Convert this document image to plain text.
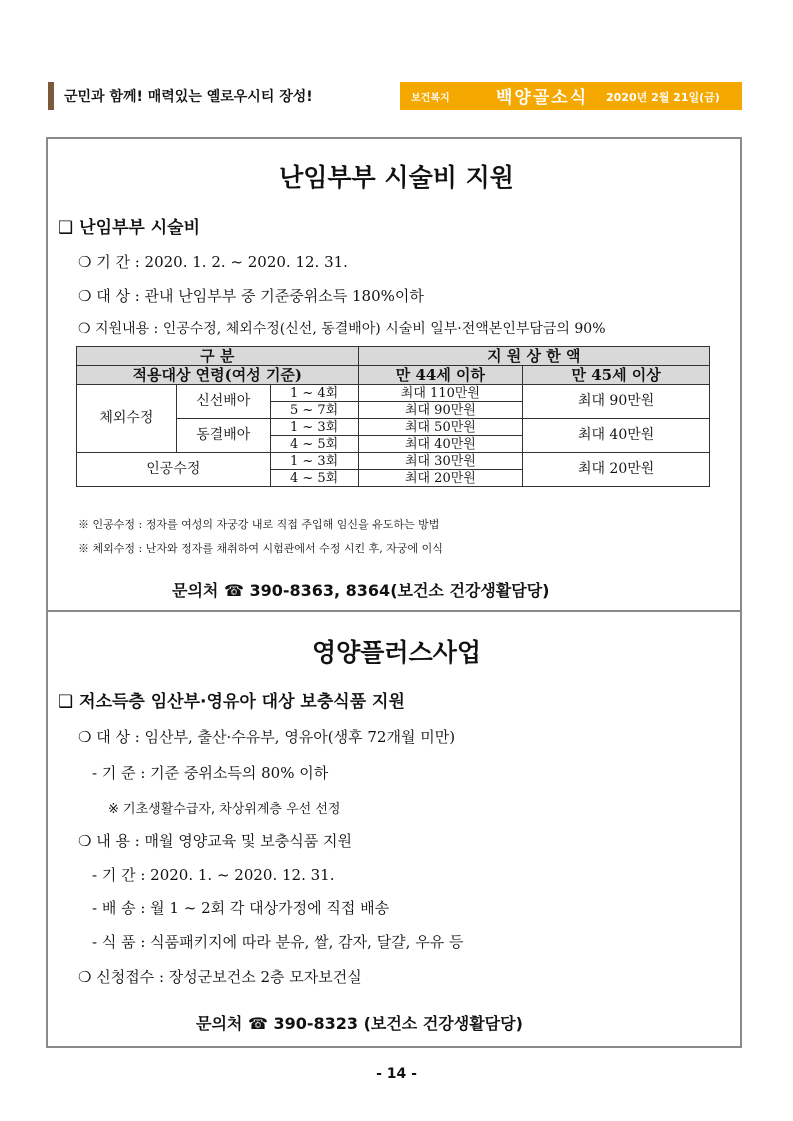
군민과 함께! 매력있는 옐로우시티 장성!	보건복지	백양골소식 2020년 2월 21일(금)
난임부부 시술비 지원
❑ 난임부부 시술비
❍ 기 간 : 2020. 1. 2. ~ 2020. 12. 31.
❍ 대 상 : 관내 난임부부 중 기준중위소득 180%이하
❍ 지원내용 : 인공수정, 체외수정(신선, 동결배아) 시술비 일부·전액본인부담금의 90%
구 분			지 원 상 한 액	
적용대상 연령(여성 기준)			만 44세 이하	만 45세 이상
체외수정	신선배아	1 ~ 4회	최대 110만원	최대 90만원
		5 ~ 7회	최대 90만원	
	동결배아	1 ~ 3회	최대 50만원	최대 40만원
		4 ~ 5회	최대 40만원	
인공수정		1 ~ 3회	최대 30만원	최대 20만원
		4 ~ 5회	최대 20만원	
※ 인공수정 : 정자를 여성의 자궁강 내로 직접 주입해 임신을 유도하는 방법
※ 체외수정 : 난자와 정자를 채취하여 시험관에서 수정 시킨 후, 자궁에 이식
문의처 ☎ 390-8363, 8364(보건소 건강생활담당)
영양플러스사업
❑ 저소득층 임산부·영유아 대상 보충식품 지원
❍ 대 상 : 임산부, 출산·수유부, 영유아(생후 72개월 미만)
- 기 준 : 기준 중위소득의 80% 이하
※ 기초생활수급자, 차상위계층 우선 선정
❍ 내 용 : 매월 영양교육 및 보충식품 지원
- 기 간 : 2020. 1. ~ 2020. 12. 31.
- 배 송 : 월 1 ~ 2회 각 대상가정에 직접 배송
- 식 품 : 식품패키지에 따라 분유, 쌀, 감자, 달걀, 우유 등
❍ 신청접수 : 장성군보건소 2층 모자보건실
문의처 ☎ 390-8323 (보건소 건강생활담당)
- 14 -
